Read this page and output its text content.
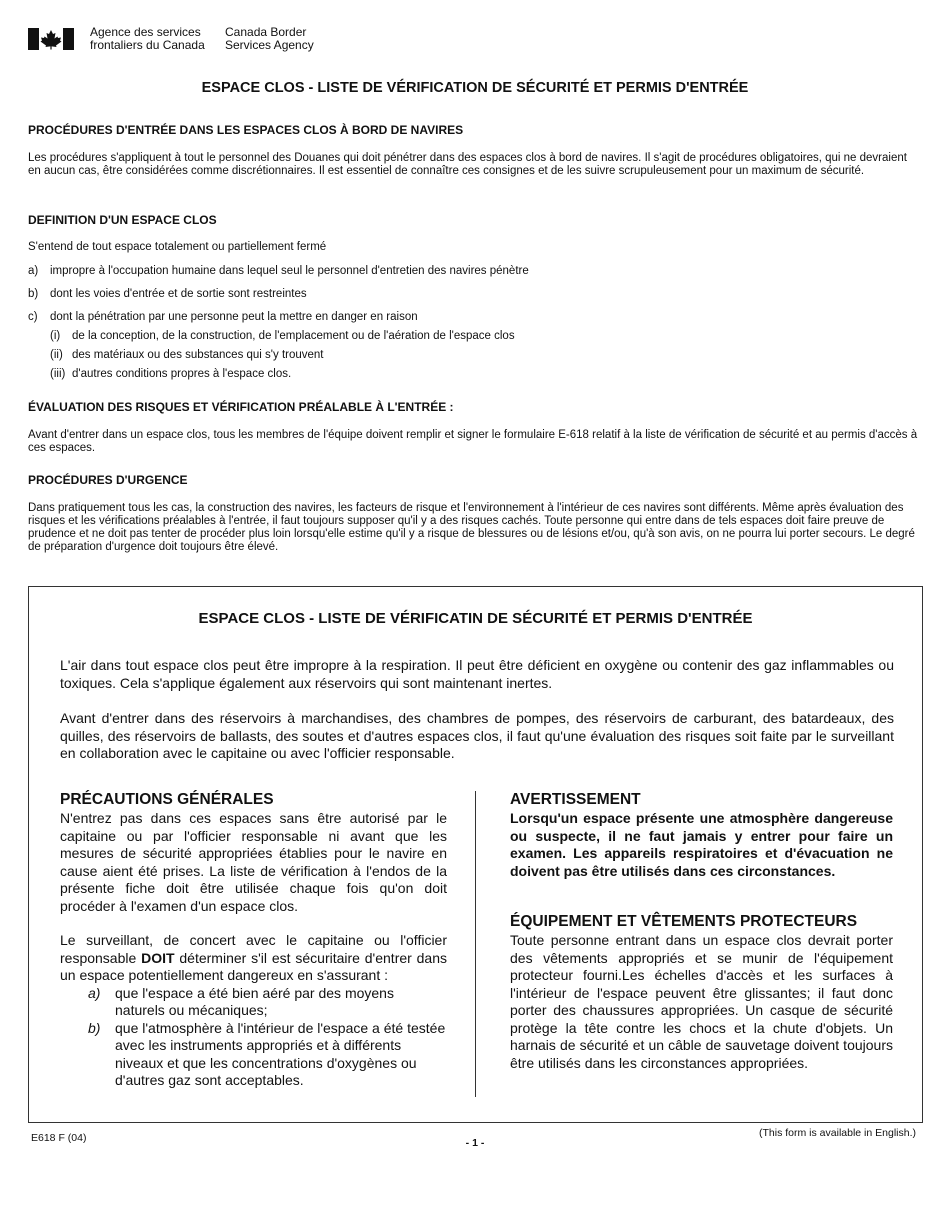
Agence des services
frontaliers du Canada
Canada Border
Services Agency
ESPACE CLOS - LISTE DE VÉRIFICATION DE SÉCURITÉ ET PERMIS D'ENTRÉE
PROCÉDURES D'ENTRÉE DANS LES ESPACES CLOS À BORD DE NAVIRES
Les procédures s'appliquent à tout le personnel des Douanes qui doit pénétrer dans des espaces clos à bord de navires. Il s'agit de procédures obligatoires, qui ne devraient en aucun cas, être considérées comme discrétionnaires. Il est essentiel de connaître ces consignes et de les suivre scrupuleusement pour un maximum de sécurité.
DEFINITION D'UN ESPACE CLOS
S'entend de tout espace totalement ou partiellement fermé
a)	impropre à l'occupation humaine dans lequel seul le personnel d'entretien des navires pénètre
b)	dont les voies d'entrée et de sortie sont restreintes
c)	dont la pénétration par une personne peut la mettre en danger en raison
(i)	de la conception, de la construction, de l'emplacement ou de l'aération de l'espace clos
(ii) des matériaux ou des substances qui s'y trouvent
(iii) d'autres conditions propres à l'espace clos.
ÉVALUATION DES RISQUES ET VÉRIFICATION PRÉALABLE À L'ENTRÉE :
Avant d'entrer dans un espace clos, tous les membres de l'équipe doivent remplir et signer le formulaire E-618 relatif à la liste de vérification de sécurité et au permis d'accès à ces espaces.
PROCÉDURES D'URGENCE
Dans pratiquement tous les cas, la construction des navires, les facteurs de risque et l'environnement à l'intérieur de ces navires sont différents. Même après évaluation des risques et les vérifications préalables à l'entrée, il faut toujours supposer qu'il y a des risques cachés. Toute personne qui entre dans de tels espaces doit faire preuve de prudence et ne doit pas tenter de procéder plus loin lorsqu'elle estime qu'il y a risque de blessures ou de lésions et/ou, qu'à son avis, on ne pourra lui porter secours. Le degré de préparation d'urgence doit toujours être élevé.
ESPACE CLOS - LISTE DE VÉRIFICATIN DE SÉCURITÉ ET PERMIS D'ENTRÉE
L'air dans tout espace clos peut être impropre à la respiration. Il peut être déficient en oxygène ou contenir des gaz inflammables ou toxiques. Cela s'applique également aux réservoirs qui sont maintenant inertes.
Avant d'entrer dans des réservoirs à marchandises, des chambres de pompes, des réservoirs de carburant, des batardeaux, des quilles, des réservoirs de ballasts, des soutes et d'autres espaces clos, il faut qu'une évaluation des risques soit faite par le surveillant en collaboration avec le capitaine ou avec l'officier responsable.
PRÉCAUTIONS GÉNÉRALES
N'entrez pas dans ces espaces sans être autorisé par le capitaine ou par l'officier responsable ni avant que les mesures de sécurité appropriées établies pour le navire en cause aient été prises. La liste de vérification à l'endos de la présente fiche doit être utilisée chaque fois qu'on doit procéder à l'examen d'un espace clos.
Le surveillant, de concert avec le capitaine ou l'officier responsable DOIT déterminer s'il est sécuritaire d'entrer dans un espace potentiellement dangereux en s'assurant :
a)	que l'espace a été bien aéré par des moyens naturels ou mécaniques;
b)	que l'atmosphère à l'intérieur de l'espace a été testée avec les instruments appropriés et à différents niveaux et que les concentrations d'oxygènes ou d'autres gaz sont acceptables.
AVERTISSEMENT
Lorsqu'un espace présente une atmosphère dangereuse ou suspecte, il ne faut jamais y entrer pour faire un examen. Les appareils respiratoires et d'évacuation ne doivent pas être utilisés dans ces circonstances.
ÉQUIPEMENT ET VÊTEMENTS PROTECTEURS
Toute personne entrant dans un espace clos devrait porter des vêtements appropriés et se munir de l'équipement protecteur fourni.Les échelles d'accès et les surfaces à l'intérieur de l'espace peuvent être glissantes; il faut donc porter des chaussures appropriées. Un casque de sécurité protège la tête contre les chocs et la chute d'objets. Un harnais de sécurité et un câble de sauvetage doivent toujours être utilisés dans les circonstances appropriées.
E618 F (04)	- 1 -
(This form is available in English.)
